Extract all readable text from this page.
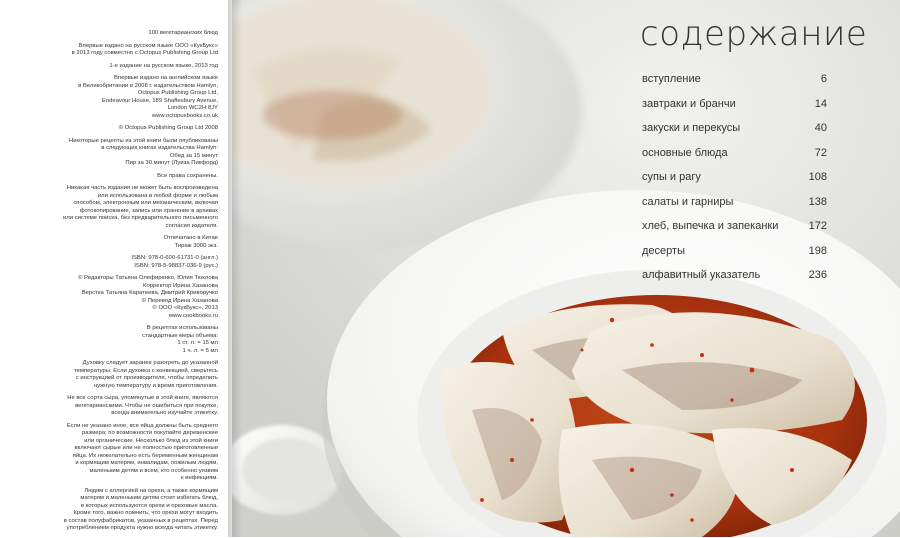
100 вегетарианских блюд
Впервые издано на русском языке ООО «КукБукс»
в 2013 году совместно с Octopus Publishing Group Ltd
1-е издание на русском языке, 2013 год
Впервые издано на английском языке
в Великобритании в 2008 г. издательством Hamlyn,
Octopus Publishing Group Ltd,
Endeavour House, 189 Shaftesbury Avenue,
London WC2H 8JY
www.octopusbooks.co.uk
© Octopus Publishing Group Ltd 2008
Некоторые рецепты из этой книги были опубликованы
в следующих книгах издательства Hamlyn:
Обед за 15 минут
Пир за 30 минут (Луиза Пикфорд)
Все права сохранены.
Никакая часть издания не может быть воспроизведена
или использована в любой форме и любым
способом, электронным или механическим, включая
фотокопирование, запись или хранение в архивах
или системе поиска, без предварительного письменного
согласия издателя.
Отпечатано в Китае
Тираж 3000 экз.
ISBN: 978-0-600-61731-0 (англ.)
ISBN: 978-5-98837-036-9 (рус.)
© Редакторы Татьяна Олефиренко, Юлия Тюклова
Корректор Ирина Хазанова
Верстка Татьяна Каратеева, Дмитрий Криворучко
© Перевод Ирина Хазанова
© ООО «КукБукс», 2013
www.cookbooks.ru
В рецептах использованы
стандартные меры объема:
1 ст. л. = 15 мл
1 ч. л. = 5 мл
Духовку следует заранее разогреть до указанной
температуры. Если духовка с конвекцией, сверьтесь
с инструкцией от производителя, чтобы определить
нужную температуру и время приготовления.
Не все сорта сыра, упомянутые в этой книге, являются
вегетарианскими. Чтобы не ошибиться при покупке,
всегда внимательно изучайте этикетку.
Если не указано иное, все яйца должны быть среднего
размера; по возможности покупайте деревенские
или органические. Несколько блюд из этой книги
включают сырые или не полностью приготовленные
яйца. Их нежелательно есть беременным женщинам
и кормящим матерям, инвалидам, пожилым людям,
маленьким детям и всем, кто особенно уязвим
к инфекциям.
Людям с аллергией на орехи, а также кормящим
матерям и маленьким детям стоит избегать блюд,
в которых используются орехи и ореховые масла.
Кроме того, важно помнить, что орехи могут входить
в состав полуфабрикатов, указанных в рецептах. Перед
употреблением продукта нужно всегда читать этикетку.
содержание
вступление	6
завтраки и бранчи	14
закуски и перекусы	40
основные блюда	72
супы и рагу	108
салаты и гарниры	138
хлеб, выпечка и запеканки	172
десерты	198
алфавитный указатель	236
